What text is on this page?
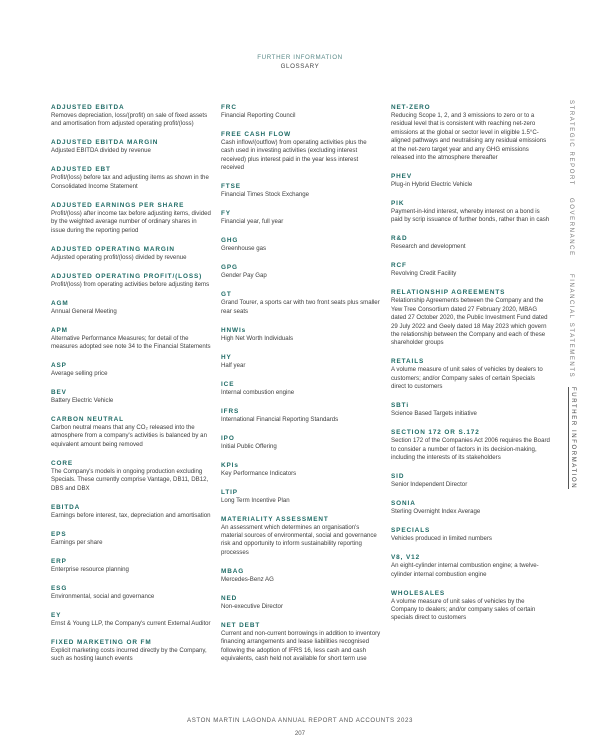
FURTHER INFORMATION
GLOSSARY
ADJUSTED EBITDA
Removes depreciation, loss/(profit) on sale of fixed assets and amortisation from adjusted operating profit/(loss)
ADJUSTED EBITDA MARGIN
Adjusted EBITDA divided by revenue
ADJUSTED EBT
Profit/(loss) before tax and adjusting items as shown in the Consolidated Income Statement
ADJUSTED EARNINGS PER SHARE
Profit/(loss) after income tax before adjusting items, divided by the weighted average number of ordinary shares in issue during the reporting period
ADJUSTED OPERATING MARGIN
Adjusted operating profit/(loss) divided by revenue
ADJUSTED OPERATING PROFIT/(LOSS)
Profit/(loss) from operating activities before adjusting items
AGM
Annual General Meeting
APM
Alternative Performance Measures; for detail of the measures adopted see note 34 to the Financial Statements
ASP
Average selling price
BEV
Battery Electric Vehicle
CARBON NEUTRAL
Carbon neutral means that any CO₂ released into the atmosphere from a company's activities is balanced by an equivalent amount being removed
CORE
The Company's models in ongoing production excluding Specials. These currently comprise Vantage, DB11, DB12, DBS and DBX
EBITDA
Earnings before interest, tax, depreciation and amortisation
EPS
Earnings per share
ERP
Enterprise resource planning
ESG
Environmental, social and governance
EY
Ernst & Young LLP, the Company's current External Auditor
FIXED MARKETING OR FM
Explicit marketing costs incurred directly by the Company, such as hosting launch events
FRC
Financial Reporting Council
FREE CASH FLOW
Cash inflow/(outflow) from operating activities plus the cash used in investing activities (excluding interest received) plus interest paid in the year less interest received
FTSE
Financial Times Stock Exchange
FY
Financial year, full year
GHG
Greenhouse gas
GPG
Gender Pay Gap
GT
Grand Tourer, a sports car with two front seats plus smaller rear seats
HNWIs
High Net Worth Individuals
HY
Half year
ICE
Internal combustion engine
IFRS
International Financial Reporting Standards
IPO
Initial Public Offering
KPIs
Key Performance Indicators
LTIP
Long Term Incentive Plan
MATERIALITY ASSESSMENT
An assessment which determines an organisation's material sources of environmental, social and governance risk and opportunity to inform sustainability reporting processes
MBAG
Mercedes-Benz AG
NED
Non-executive Director
NET DEBT
Current and non-current borrowings in addition to inventory financing arrangements and lease liabilities recognised following the adoption of IFRS 16, less cash and cash equivalents, cash held not available for short term use
NET-ZERO
Reducing Scope 1, 2, and 3 emissions to zero or to a residual level that is consistent with reaching net-zero emissions at the global or sector level in eligible 1.5°C-aligned pathways and neutralising any residual emissions at the net-zero target year and any GHG emissions released into the atmosphere thereafter
PHEV
Plug-in Hybrid Electric Vehicle
PIK
Payment-in-kind interest, whereby interest on a bond is paid by scrip issuance of further bonds, rather than in cash
R&D
Research and development
RCF
Revolving Credit Facility
RELATIONSHIP AGREEMENTS
Relationship Agreements between the Company and the Yew Tree Consortium dated 27 February 2020, MBAG dated 27 October 2020, the Public Investment Fund dated 29 July 2022 and Geely dated 18 May 2023 which govern the relationship between the Company and each of these shareholder groups
RETAILS
A volume measure of unit sales of vehicles by dealers to customers; and/or Company sales of certain Specials direct to customers
SBTi
Science Based Targets initiative
SECTION 172 OR S.172
Section 172 of the Companies Act 2006 requires the Board to consider a number of factors in its decision-making, including the interests of its stakeholders
SID
Senior Independent Director
SONIA
Sterling Overnight Index Average
SPECIALS
Vehicles produced in limited numbers
V8, V12
An eight-cylinder internal combustion engine; a twelve-cylinder internal combustion engine
WHOLESALES
A volume measure of unit sales of vehicles by the Company to dealers; and/or company sales of certain specials direct to customers
STRATEGIC REPORT
GOVERNANCE
FINANCIAL STATEMENTS
FURTHER INFORMATION
ASTON MARTIN LAGONDA ANNUAL REPORT AND ACCOUNTS 2023
207
